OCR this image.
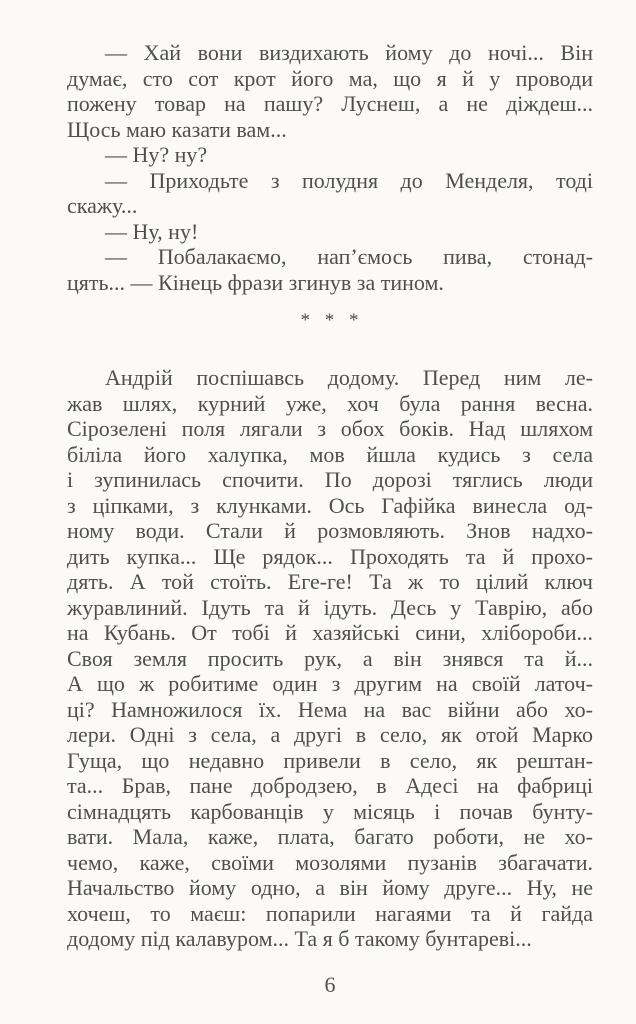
— Хай вони виздихають йому до ночі... Він
думає, сто сот крот його ма, що я й у проводи
пожену товар на пашу? Луснеш, а не діждеш...
Щось маю казати вам...
— Ну? ну?
— Приходьте з полудня до Менделя, тоді
скажу...
— Ну, ну!
— Побалакаємо, нап’ємось пива, стонад-
цять... — Кінець фрази згинув за тином.
* * *
Андрій поспішавсь додому. Перед ним ле-
жав шлях, курний уже, хоч була рання весна.
Сірозелені поля лягали з обох боків. Над шляхом
біліла його халупка, мов йшла кудись з села
і зупинилась спочити. По дорозі тяглись люди
з ціпками, з клунками. Ось Гафійка винесла од-
ному води. Стали й розмовляють. Знов надхо-
дить купка... Ще рядок... Проходять та й прохо-
дять. А той стоїть. Еге-ге! Та ж то цілий ключ
журавлиний. Ідуть та й ідуть. Десь у Таврію, або
на Кубань. От тобі й хазяйські сини, хлібороби...
Своя земля просить рук, а він знявся та й...
А що ж робитиме один з другим на своїй латоч-
ці? Намножилося їх. Нема на вас війни або хо-
лери. Одні з села, а другі в село, як отой Марко
Гуща, що недавно привели в село, як рештан-
та... Брав, пане добродзею, в Адесі на фабриці
сімнадцять карбованців у місяць і почав бунту-
вати. Мала, каже, плата, багато роботи, не хо-
чемо, каже, своїми мозолями пузанів збагачати.
Начальство йому одно, а він йому друге... Ну, не
хочеш, то маєш: попарили нагаями та й гайда
додому під калавуром... Та я б такому бунтареві...
6
